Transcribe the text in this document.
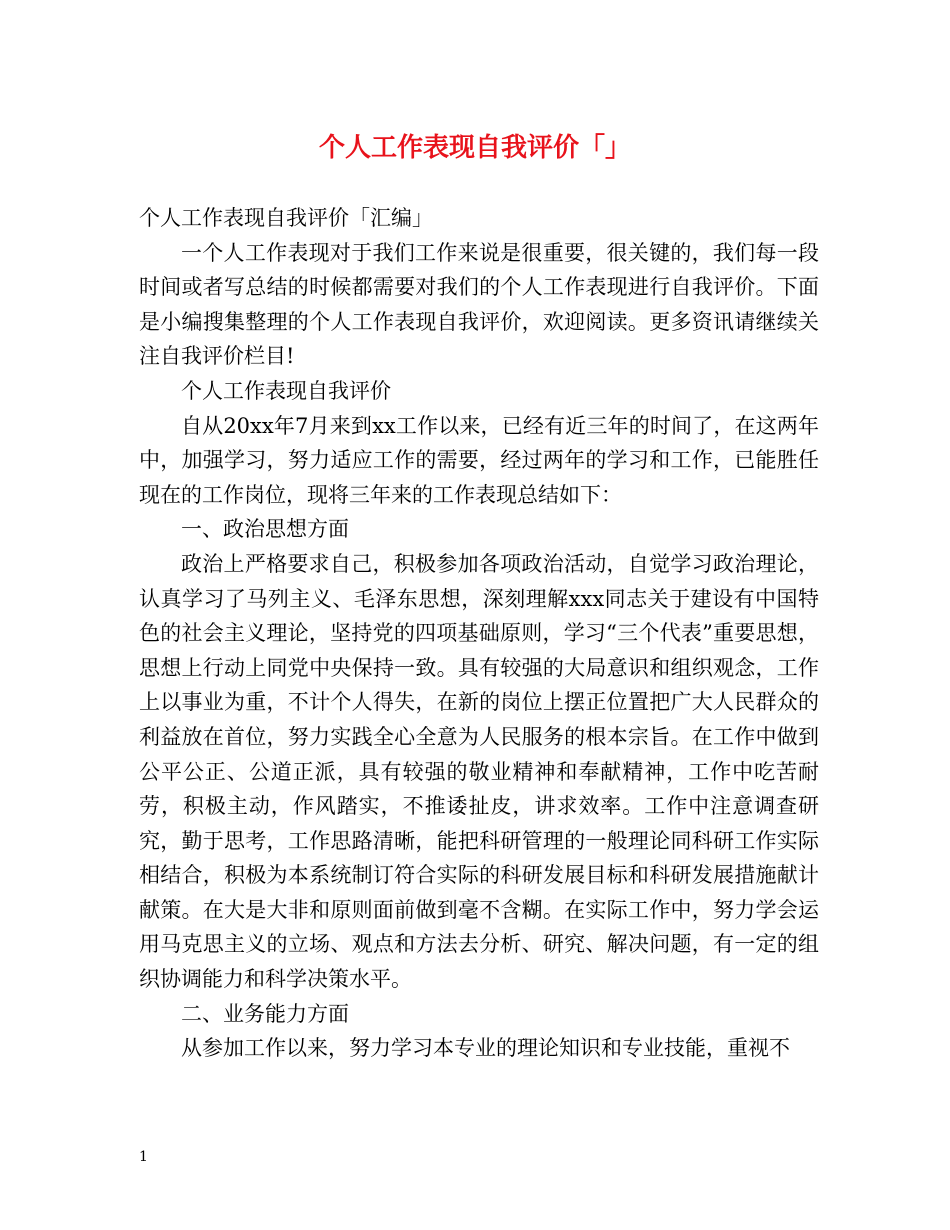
个人工作表现自我评价「」

个人工作表现自我评价「汇编」

一个人工作表现对于我们工作来说是很重要，很关键的，我们每一段时间或者写总结的时候都需要对我们的个人工作表现进行自我评价。下面是小编搜集整理的个人工作表现自我评价，欢迎阅读。更多资讯请继续关注自我评价栏目!

个人工作表现自我评价

自从20xx年7月来到xx工作以来，已经有近三年的时间了，在这两年中，加强学习，努力适应工作的需要，经过两年的学习和工作，已能胜任现在的工作岗位，现将三年来的工作表现总结如下：

一、政治思想方面

政治上严格要求自己，积极参加各项政治活动，自觉学习政治理论，认真学习了马列主义、毛泽东思想，深刻理解xxx同志关于建设有中国特色的社会主义理论，坚持党的四项基础原则，学习“三个代表”重要思想，思想上行动上同党中央保持一致。具有较强的大局意识和组织观念，工作上以事业为重，不计个人得失，在新的岗位上摆正位置把广大人民群众的利益放在首位，努力实践全心全意为人民服务的根本宗旨。在工作中做到公平公正、公道正派，具有较强的敬业精神和奉献精神，工作中吃苦耐劳，积极主动，作风踏实，不推诿扯皮，讲求效率。工作中注意调查研究，勤于思考，工作思路清晰，能把科研管理的一般理论同科研工作实际相结合，积极为本系统制订符合实际的科研发展目标和科研发展措施献计献策。在大是大非和原则面前做到毫不含糊。在实际工作中，努力学会运用马克思主义的立场、观点和方法去分析、研究、解决问题，有一定的组织协调能力和科学决策水平。

二、业务能力方面

从参加工作以来，努力学习本专业的理论知识和专业技能，重视不

1
